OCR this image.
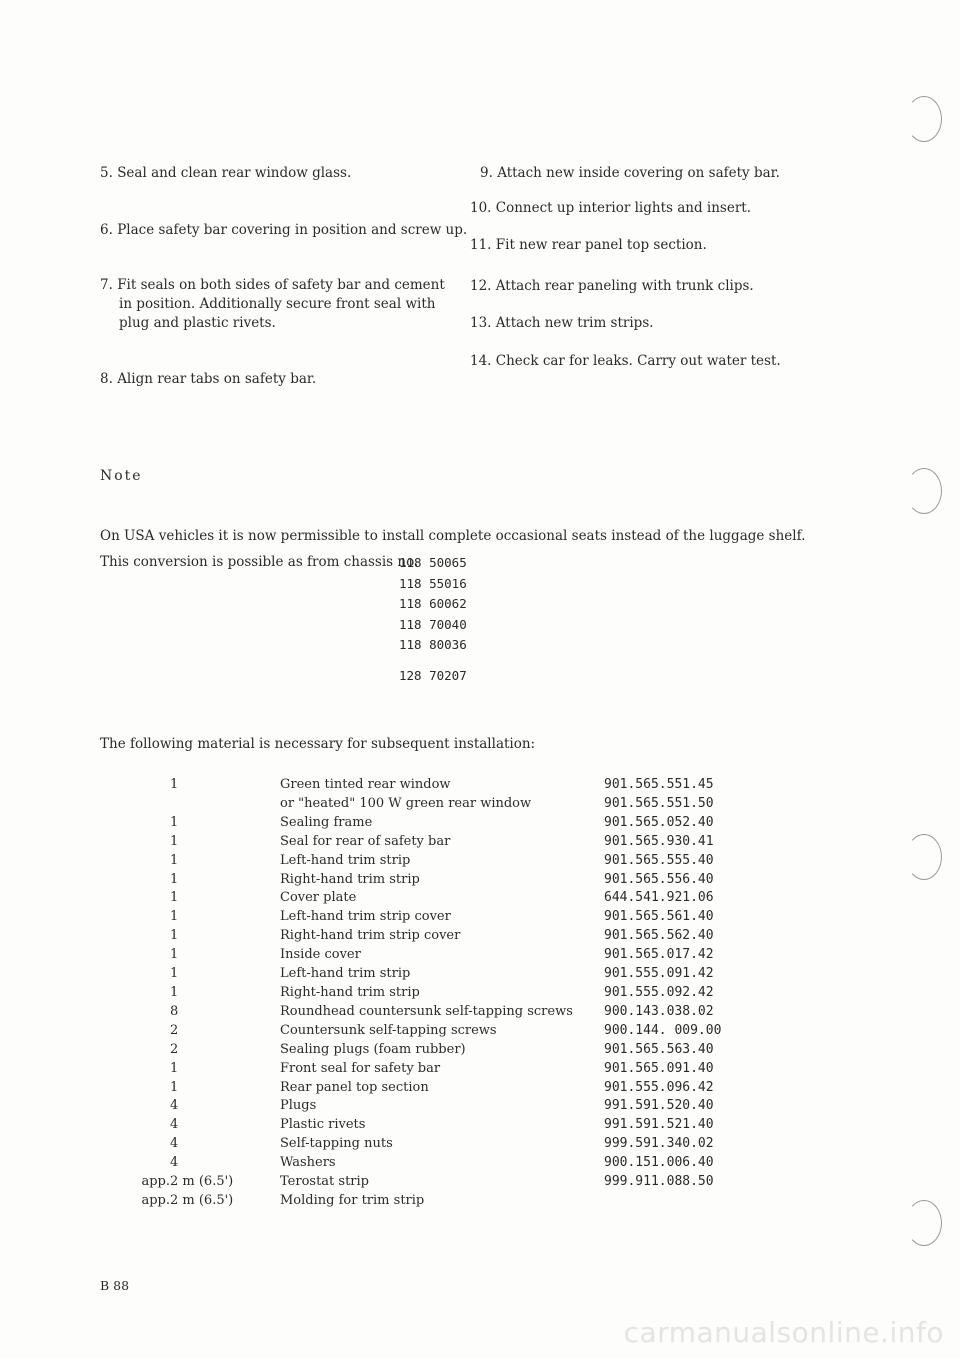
5. Seal and clean rear window glass.
6. Place safety bar covering in position and screw up.
7. Fit seals on both sides of safety bar and cement
in position. Additionally secure front seal with
plug and plastic rivets.
8. Align rear tabs on safety bar.
9. Attach new inside covering on safety bar.
10. Connect up interior lights and insert.
11. Fit new rear panel top section.
12. Attach rear paneling with trunk clips.
13. Attach new trim strips.
14. Check car for leaks. Carry out water test.
Note
On USA vehicles it is now permissible to install complete occasional seats instead of the luggage shelf.
This conversion is possible as from chassis no.
118 50065
118 55016
118 60062
118 70040
118 80036
128 70207
The following material is necessary for subsequent installation:
	1	Green tinted rear window	901.565.551.45
		or "heated" 100 W green rear window	901.565.551.50
	1	Sealing frame	901.565.052.40
	1	Seal for rear of safety bar	901.565.930.41
	1	Left-hand trim strip	901.565.555.40
	1	Right-hand trim strip	901.565.556.40
	1	Cover plate	644.541.921.06
	1	Left-hand trim strip cover	901.565.561.40
	1	Right-hand trim strip cover	901.565.562.40
	1	Inside cover	901.565.017.42
	1	Left-hand trim strip	901.555.091.42
	1	Right-hand trim strip	901.555.092.42
	8	Roundhead countersunk self-tapping screws	900.143.038.02
	2	Countersunk self-tapping screws	900.144. 009.00
	2	Sealing plugs (foam rubber)	901.565.563.40
	1	Front seal for safety bar	901.565.091.40
	1	Rear panel top section	901.555.096.42
	4	Plugs	991.591.520.40
	4	Plastic rivets	991.591.521.40
	4	Self-tapping nuts	999.591.340.02
	4	Washers	900.151.006.40
app.	2 m (6.5')	Terostat strip	999.911.088.50
app.	2 m (6.5')	Molding for trim strip	
B 88
carmanualsonline.info
